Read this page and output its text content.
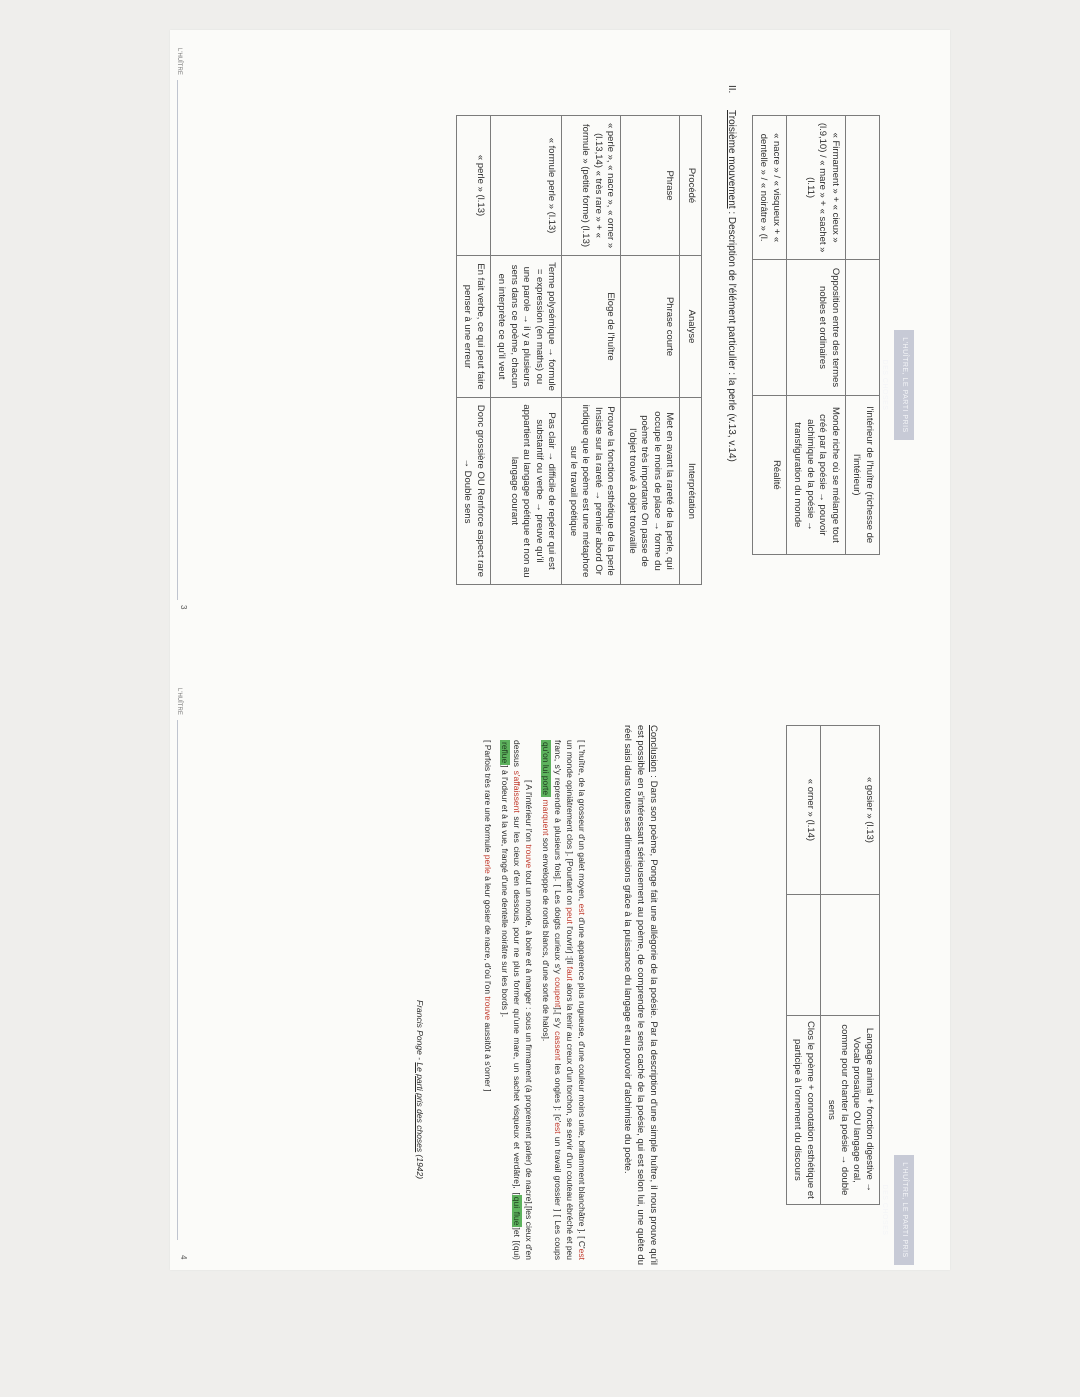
L'HUÎTRE, LE PARTI PRIS DES CHOSES
		l'intérieur de l'huître (richesse de l'intérieur)
« Firmament » + « cieux » (l.9,10) / « mare » + « sachet » (l.11)	Opposition entre des termes nobles et ordinaires	Monde riche où se mélange tout créé par la poésie → pouvoir alchimique de la poésie → transfiguration du monde
« nacre » / « visqueux + « dentelle » / « noirâtre » (l.		Réalité
II.
Troisième mouvement : Description de l'élément particulier : la perle (v.13, v.14)
Procédé	Analyse	Interprétation
Phrase	Phrase courte	Met en avant la rareté de la perle, qui occupe le moins de place → forme du poème très importante On passe de l'objet trouvé à objet trouvaille
« perle », « nacre », « orner » (l.13,14) « très rare » + « formule » (petite forme) (l.13)	Eloge de l'huître	Prouve la fonction esthétique de la perle Insiste sur la rareté → premier abord Or indique que le poème est une métaphore sur le travail poétique
« formule perle » (l.13)	Terme polysémique → formule = expression (en maths) ou une parole → il y a plusieurs sens dans ce poème, chacun en interprète ce qu'il veut	Pas clair → difficile de repérer qui est substantif ou verbe → preuve qu'il appartient au langage poétique et non au langage courant
« perle » (l.13)	En fait verbe, ce qui peut faire penser à une erreur	Donc grossière OU Renforce aspect rare → Double sens
L'HUÎTRE
3
L'HUÎTRE, LE PARTI PRIS DES CHOSES
« gosier » (l.13)		Langage animal + fonction digestive → Vocab prosaïque OU langage oral, comme pour chanter la poésie → double sens
« orner » (l.14)		Clos le poème + connotation esthétique et participe à l'ornement du discours
Conclusion : Dans son poème, Ponge fait une allégorie de la poésie. Par la description d'une simple huître, il nous prouve qu'il est possible en s'intéressant sérieusement au poème, de comprendre le sens caché de la poésie, qui est selon lui, une quête du réel saisi dans toutes ses dimensions grâce à la puissance du langage et au pouvoir d'alchimiste du poète.

[ L'huître, de la grosseur d'un galet moyen, est d'une apparence plus rugueuse, d'une couleur moins unie, brillamment blanchâtre ]. [ C'est un monde opiniâtrement clos ]. [Pourtant on peut l'ouvrir] :[il faut alors la tenir au creux d'un torchon, se servir d'un couteau ébréché et peu franc, s'y reprendre à plusieurs fois]. [ Les doigts curieux s'y coupent],[ s'y cassent les ongles ]: [c'est un travail grossier ] [ Les coups qu'on lui porte marquent son enveloppe de ronds blancs, d'une sorte de halos].

[ A l'intérieur l'on trouve tout un monde, à boire et à manger : sous un firmament (à proprement parler) de nacre],[les cieux d'en dessus s'affaissent sur les cieux d'en dessous, pour ne plus former qu'une mare, un sachet visqueux et verdâtre], [qui flue]et [(qui) reflue] à l'odeur et à la vue, frangé d'une dentelle noirâtre sur les bords ].

[ Parfois très rare une formule perle à leur gosier de nacre, d'où l'on trouve aussitôt à s'orner ]

Francis Ponge - Le parti pris des choses (1942)
L'HUÎTRE
4
